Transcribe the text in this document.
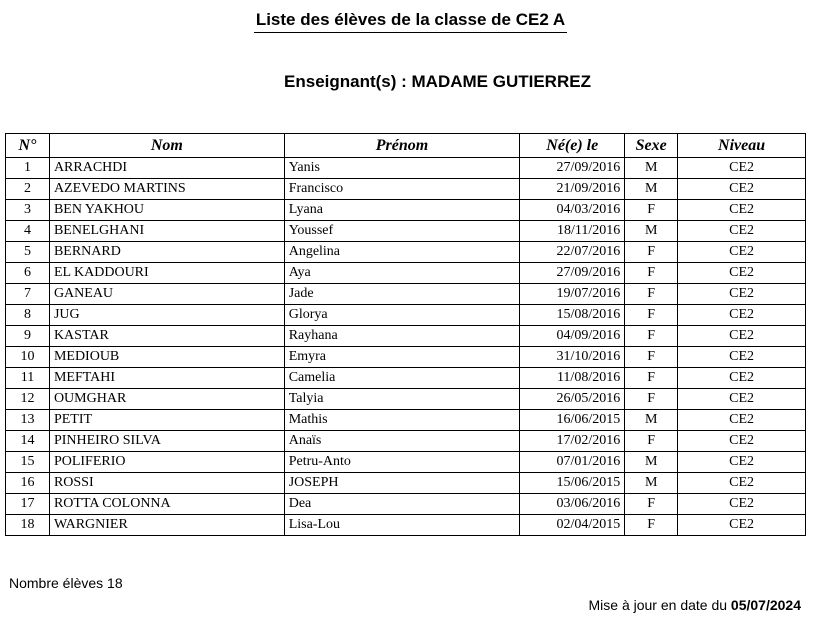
Liste des élèves de la classe de CE2 A
Enseignant(s) : MADAME GUTIERREZ
N°	Nom	Prénom	Né(e) le	Sexe	Niveau
1	ARRACHDI	Yanis	27/09/2016	M	CE2
2	AZEVEDO MARTINS	Francisco	21/09/2016	M	CE2
3	BEN YAKHOU	Lyana	04/03/2016	F	CE2
4	BENELGHANI	Youssef	18/11/2016	M	CE2
5	BERNARD	Angelina	22/07/2016	F	CE2
6	EL KADDOURI	Aya	27/09/2016	F	CE2
7	GANEAU	Jade	19/07/2016	F	CE2
8	JUG	Glorya	15/08/2016	F	CE2
9	KASTAR	Rayhana	04/09/2016	F	CE2
10	MEDIOUB	Emyra	31/10/2016	F	CE2
11	MEFTAHI	Camelia	11/08/2016	F	CE2
12	OUMGHAR	Talyia	26/05/2016	F	CE2
13	PETIT	Mathis	16/06/2015	M	CE2
14	PINHEIRO SILVA	Anaïs	17/02/2016	F	CE2
15	POLIFERIO	Petru-Anto	07/01/2016	M	CE2
16	ROSSI	JOSEPH	15/06/2015	M	CE2
17	ROTTA COLONNA	Dea	03/06/2016	F	CE2
18	WARGNIER	Lisa-Lou	02/04/2015	F	CE2
Nombre élèves 18
Mise à jour en date du 05/07/2024
